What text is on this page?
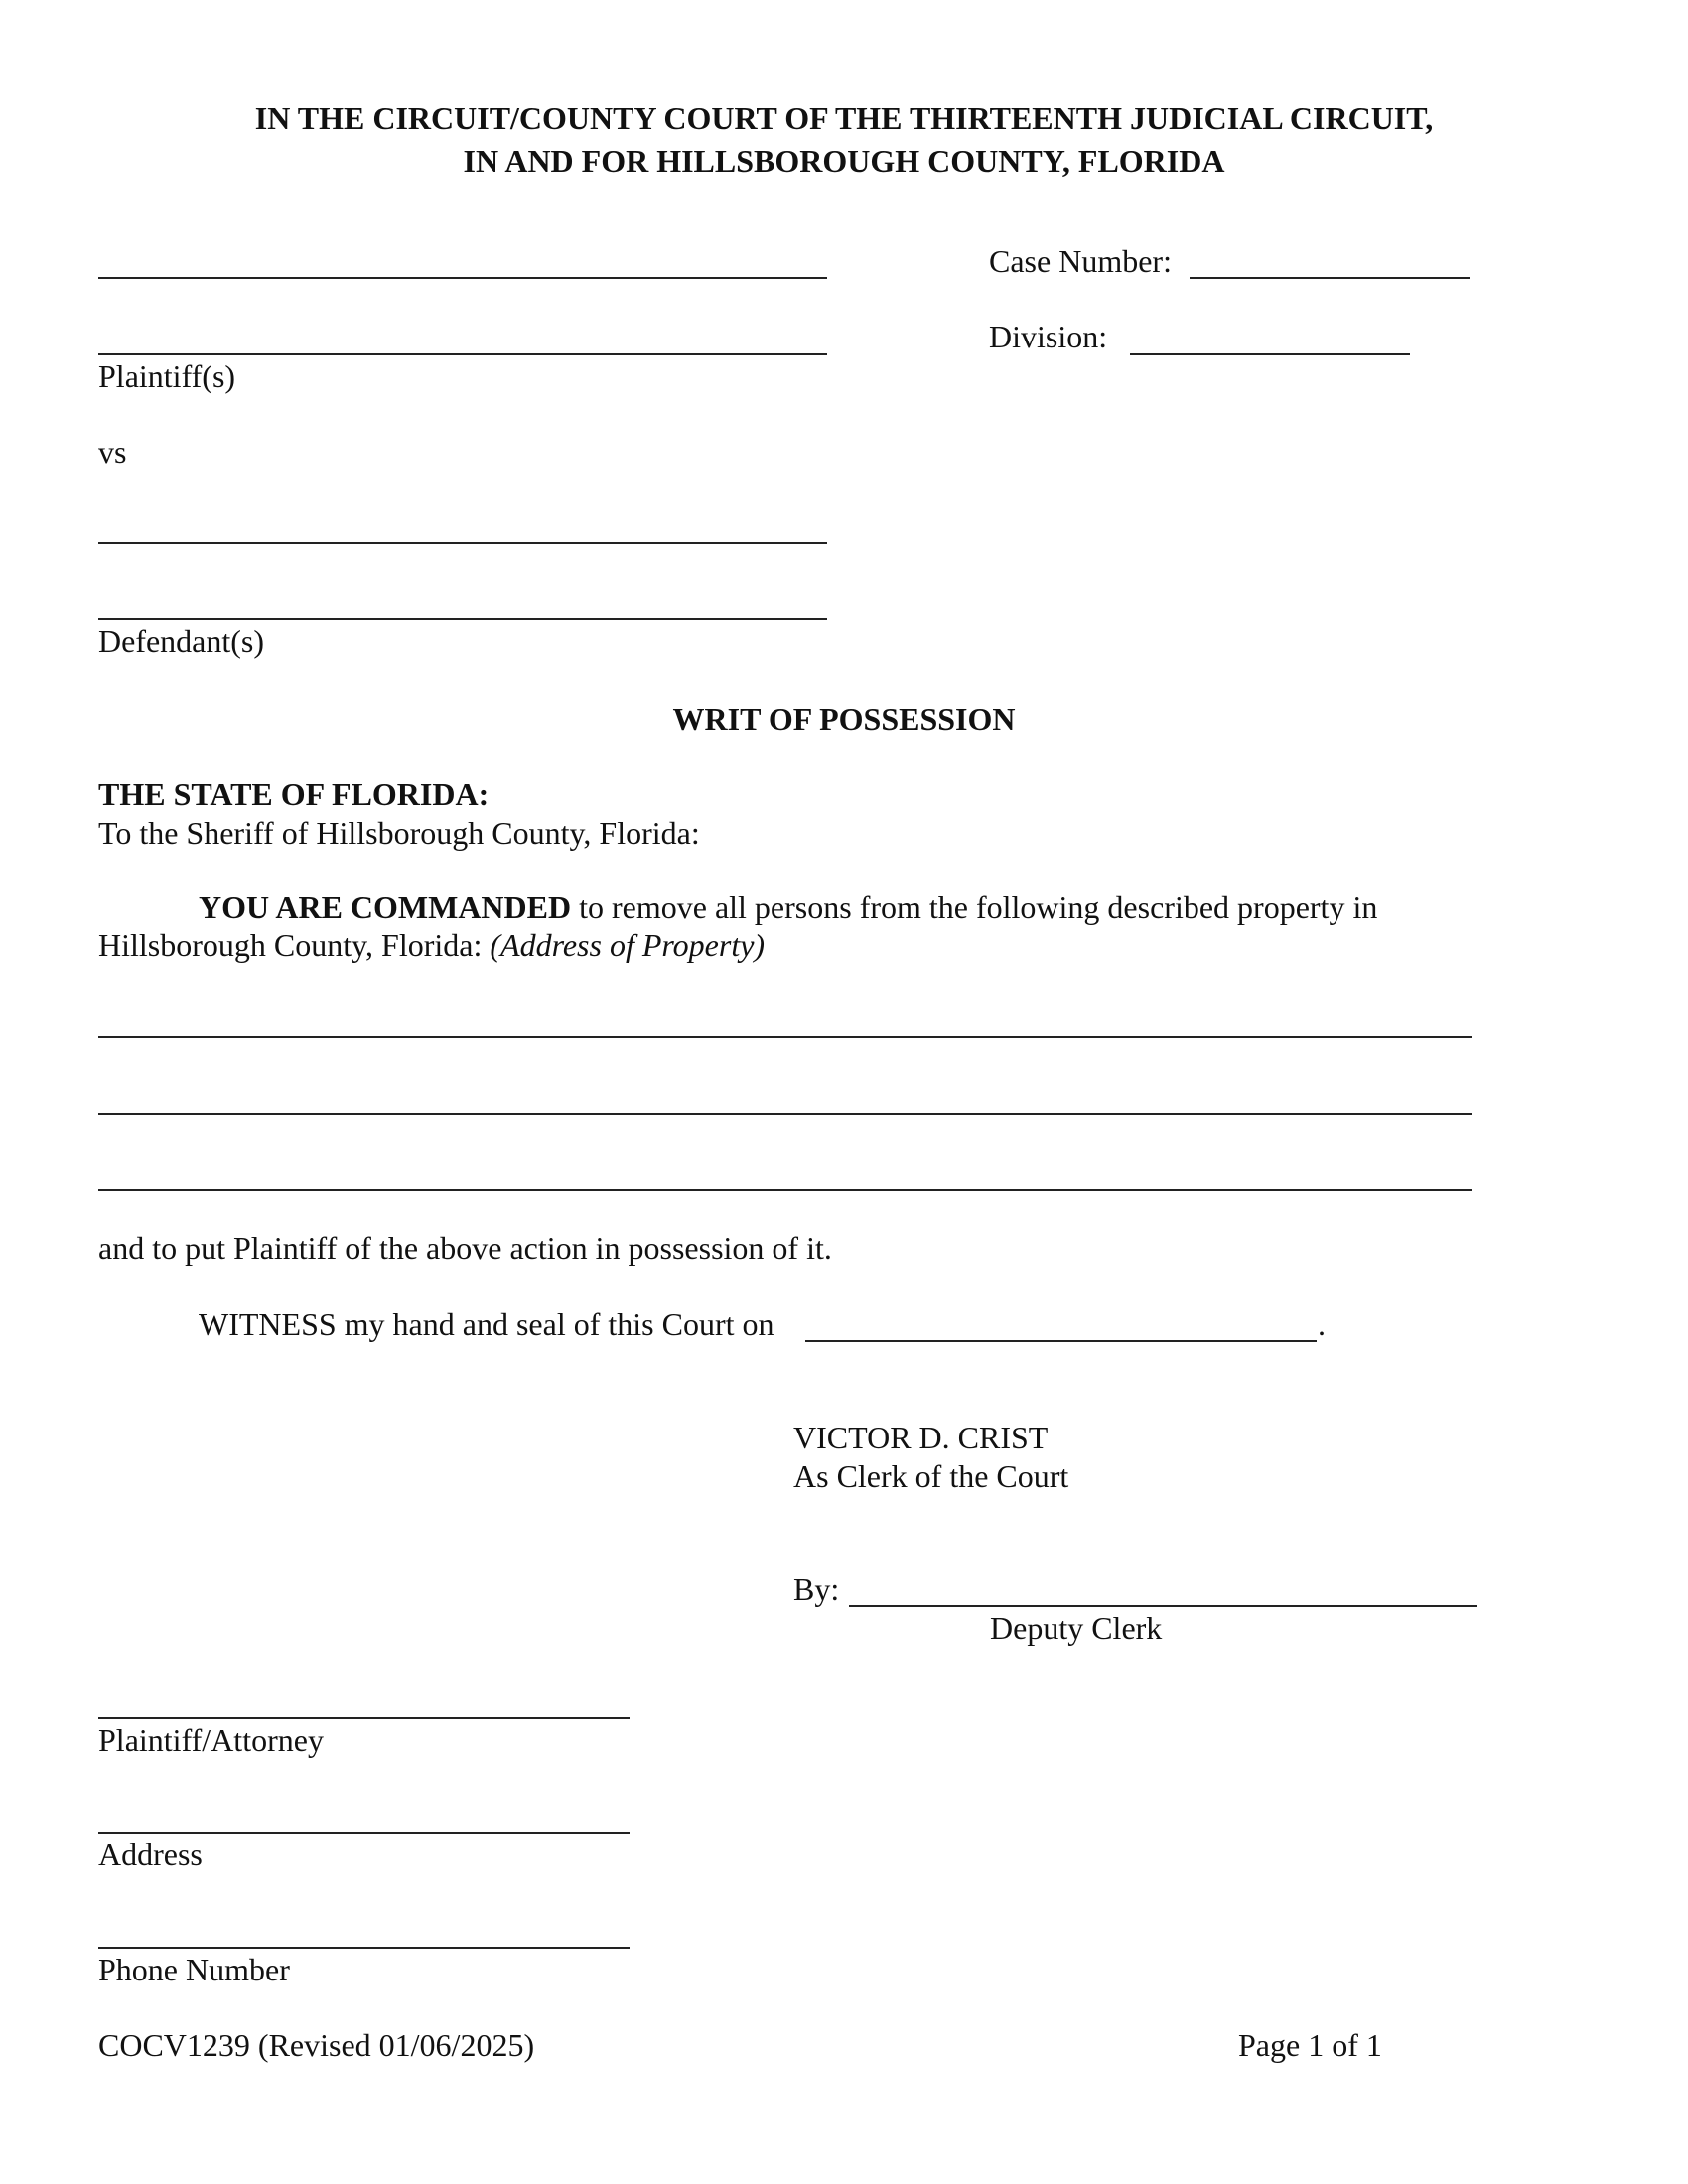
IN THE CIRCUIT/COUNTY COURT OF THE THIRTEENTH JUDICIAL CIRCUIT,
IN AND FOR HILLSBOROUGH COUNTY, FLORIDA
Plaintiff(s)
Case Number:
Division:
vs
Defendant(s)
WRIT OF POSSESSION
THE STATE OF FLORIDA:
To the Sheriff of Hillsborough County, Florida:
YOU ARE COMMANDED to remove all persons from the following described property in
Hillsborough County, Florida: (Address of Property)
and to put Plaintiff of the above action in possession of it.
WITNESS my hand and seal of this Court on	.
VICTOR D. CRIST
As Clerk of the Court
By:
Deputy Clerk
Plaintiff/Attorney
Address
Phone Number
COCV1239 (Revised 01/06/2025)	Page 1 of 1
